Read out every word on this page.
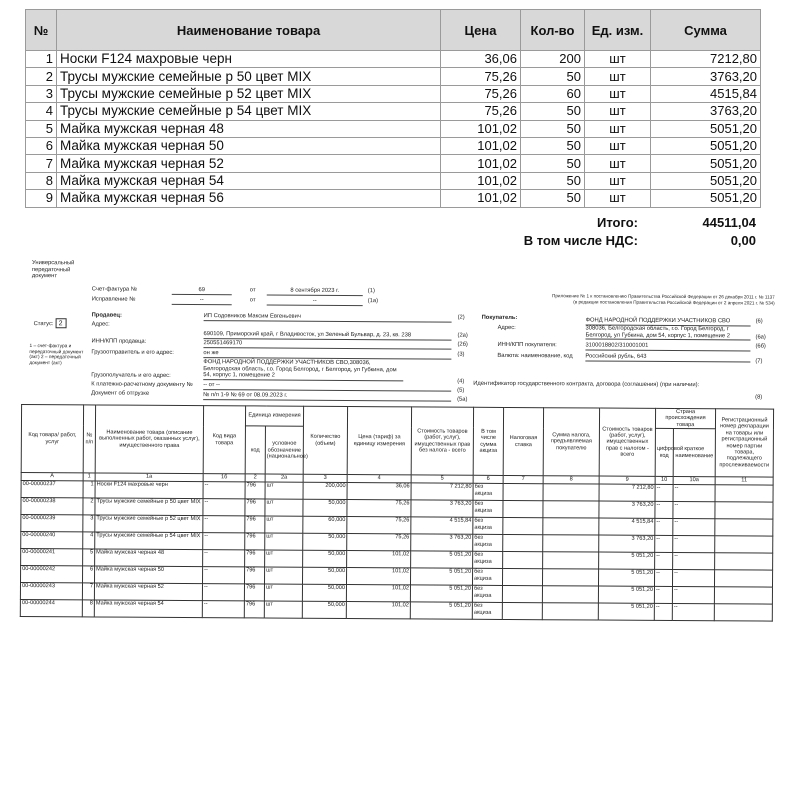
№	Наименование товара	Цена	Кол-во	Ед. изм.	Сумма
1	Носки F124 махровые черн	36,06	200	шт	7212,80
2	Трусы мужские семейные р 50 цвет MIX	75,26	50	шт	3763,20
3	Трусы мужские семейные р 52 цвет MIX	75,26	60	шт	4515,84
4	Трусы мужские семейные р 54 цвет MIX	75,26	50	шт	3763,20
5	Майка мужская черная 48	101,02	50	шт	5051,20
6	Майка мужская черная 50	101,02	50	шт	5051,20
7	Майка мужская черная 52	101,02	50	шт	5051,20
8	Майка мужская черная 54	101,02	50	шт	5051,20
9	Майка мужская черная 56	101,02	50	шт	5051,20
Итого:	44511,04
В том числе НДС:	0,00
Универсальный передаточный документ
Статус: 2
1 – счет-фактура и передаточный документ (акт) 2 – передаточный документ (акт)
Счет-фактура №	69	от	8 сентября 2023 г.	(1)
Исправление №	--	от	--	(1а)
Приложение № 1 к постановлению Правительства Российской Федерации от 26 декабря 2011 г. № 1137
(в редакции постановления Правительства Российской Федерации от 2 апреля 2021 г. № 534)
Продавец:	ИП Содовников Максим Евгеньевич	(2)
Адрес:
690109, Приморский край, г Владивосток, ул Зеленый Бульвар, д. 23, кв. 238	(2а)
ИНН/КПП продавца:	250551469170	(2б)
Грузоотправитель и его адрес:	он же	(3)
Грузополучатель и его адрес:
ФОНД НАРОДНОЙ ПОДДЕРЖКИ УЧАСТНИКОВ СВО,308036, Белгородская область, г.о. Город Белгород, г Белгород, ул Губкина, дом 54, корпус 1, помещение 2
(4)
К платежно-расчетному документу № -- от --
(5)
Документ об отгрузке	№ п/п 1-9 № 69 от 08.09.2023 г.
(5а)
Покупатель:	ФОНД НАРОДНОЙ ПОДДЕРЖКИ УЧАСТНИКОВ СВО	(6)
Адрес:	308036, Белгородская область, г.о. Город Белгород, г Белгород, ул Губкина, дом 54, корпус 1, помещение 2	(6а)
ИНН/КПП покупателя:	3100018802/310001001	(6б)
Валюта: наименование, код Российский рубль, 643
(7)
Идентификатор государственного контракта, договора (соглашения) (при наличии):
(8)
Код товара/ работ, услуг	№ п/п	Наименование товара (описание выполненных работ, оказанных услуг), имущественного права	Код вида товара	Единица измерения		Количество (объем)	Цена (тариф) за единицу измерения	Стоимость товаров (работ, услуг), имущественных прав без налога - всего	В том числе сумма акциза	Налоговая ставка	Сумма налога, предъявляемая покупателю	Стоимость товаров (работ, услуг), имущественных прав с налогом - всего	Страна происхождения товара		Регистрационный номер декларации на товары или регистрационный номер партии товара, подлежащего прослеживаемости
				код	условное обозначение (национальное)								цифровой код	краткое наименование	
А	1	1а	1б	2	2а	3	4	5	6	7	8	9	10	10а	11
00-00000237	1	Носки F124 махровые черн	--	796	шт	200,000	36,06	7 212,80	без акциза			7 212,80	--	--	
00-00000238	2	Трусы мужские семейные р 50 цвет MIX	--	796	шт	50,000	75,26	3 763,20	без акциза			3 763,20	--	--	
00-00000239	3	Трусы мужские семейные р 52 цвет MIX	--	796	шт	60,000	75,26	4 515,84	без акциза			4 515,84	--	--	
00-00000240	4	Трусы мужские семейные р 54 цвет MIX	--	796	шт	50,000	75,26	3 763,20	без акциза			3 763,20	--	--	
00-00000241	5	Майка мужская черная 48	--	796	шт	50,000	101,02	5 051,20	без акциза			5 051,20	--	--	
00-00000242	6	Майка мужская черная 50	--	796	шт	50,000	101,02	5 051,20	без акциза			5 051,20	--	--	
00-00000243	7	Майка мужская черная 52	--	796	шт	50,000	101,02	5 051,20	без акциза			5 051,20	--	--	
00-00000244	8	Майка мужская черная 54	--	796	шт	50,000	101,02	5 051,20	без акциза			5 051,20	--	--	
